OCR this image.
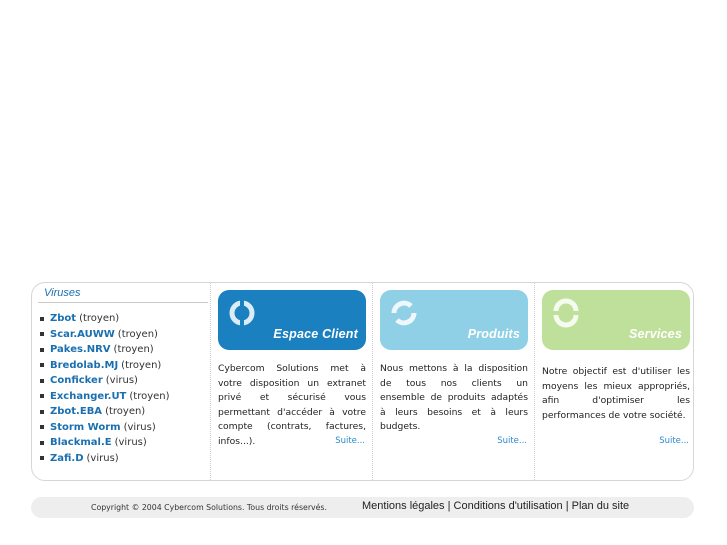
Viruses
Zbot (troyen)
Scar.AUWW (troyen)
Pakes.NRV (troyen)
Bredolab.MJ (troyen)
Conficker (virus)
Exchanger.UT (troyen)
Zbot.EBA (troyen)
Storm Worm (virus)
Blackmal.E (virus)
Zafi.D (virus)
Espace Client
Cybercom Solutions met à votre disposition un extranet privé et sécurisé vous permettant d'accéder à votre compte (contrats, factures, infos...).	Suite...
Produits
Nous mettons à la disposition de tous nos clients un ensemble de produits adaptés à leurs besoins et à leurs budgets.
Suite...
Services
Notre objectif est d'utiliser les moyens les mieux appropriés, afin d'optimiser les performances de votre société.
Suite...
Copyright © 2004 Cybercom Solutions. Tous droits réservés.	Mentions légales | Conditions d'utilisation | Plan du site
